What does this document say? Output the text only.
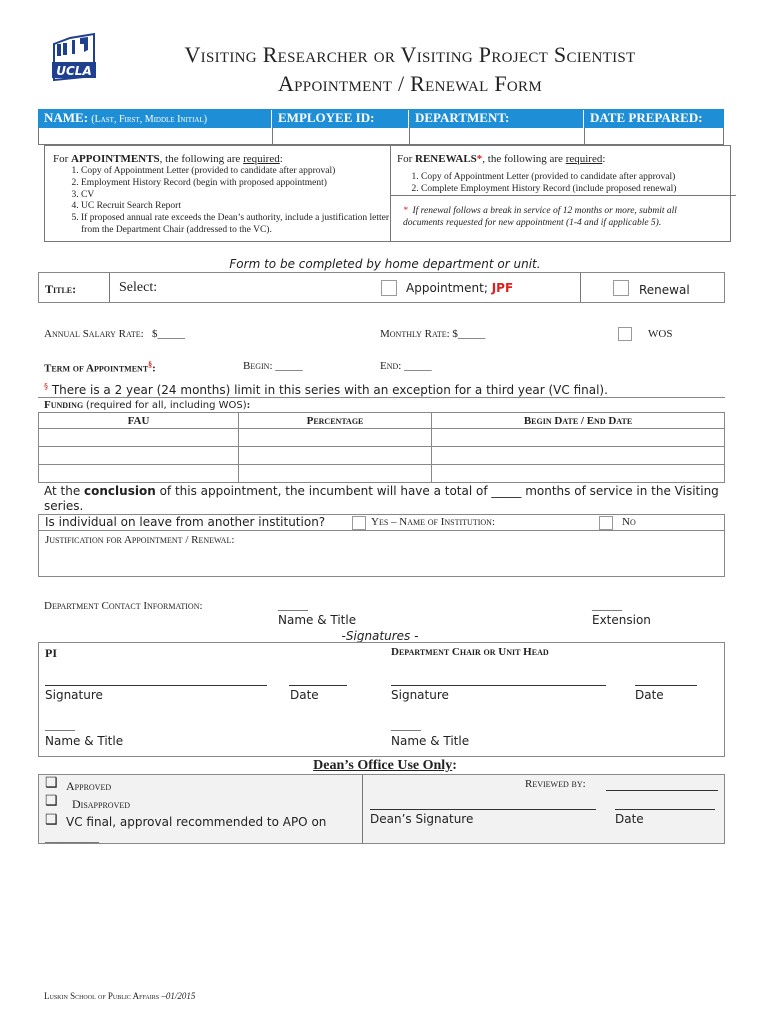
UCLA
Visiting Researcher or Visiting Project Scientist
Appointment / Renewal Form
NAME: (Last, First, Middle Initial)	EMPLOYEE ID:	DEPARTMENT:	DATE PREPARED:
For APPOINTMENTS, the following are required:
1. Copy of Appointment Letter (provided to candidate after approval)
2. Employment History Record (begin with proposed appointment)
3. CV
4. UC Recruit Search Report
5. If proposed annual rate exceeds the Dean’s authority, include a justification letter from the Department Chair (addressed to the VC).
For RENEWALS*, the following are required:
1. Copy of Appointment Letter (provided to candidate after approval)
2. Complete Employment History Record (include proposed renewal)
* If renewal follows a break in service of 12 months or more, submit all documents requested for new appointment (1-4 and if applicable 5).
Form to be completed by home department or unit.
Title:	Select:	Appointment; JPF	Renewal
Annual Salary Rate: $_____	Monthly Rate: $_____	WOS
Term of Appointment§:	Begin: _____	End: _____
§ There is a 2 year (24 months) limit in this series with an exception for a third year (VC final).
Funding (required for all, including WOS):
FAU	Percentage	Begin Date / End Date

At the conclusion of this appointment, the incumbent will have a total of _____ months of service in the Visiting series.
Is individual on leave from another institution?	Yes – Name of Institution:	No
Justification for Appointment / Renewal:
Department Contact Information:	_____
Name & Title
_____
Extension
-Signatures -
PI	Department Chair or Unit Head
Signature	Date	Signature	Date
_____	_____
Name & Title	Name & Title
Dean’s Office Use Only:
❑ Approved
❑ Disapproved
❑ VC final, approval recommended to APO on
_________
Reviewed by:
Dean’s Signature	Date
Luskin School of Public Affairs –01/2015
